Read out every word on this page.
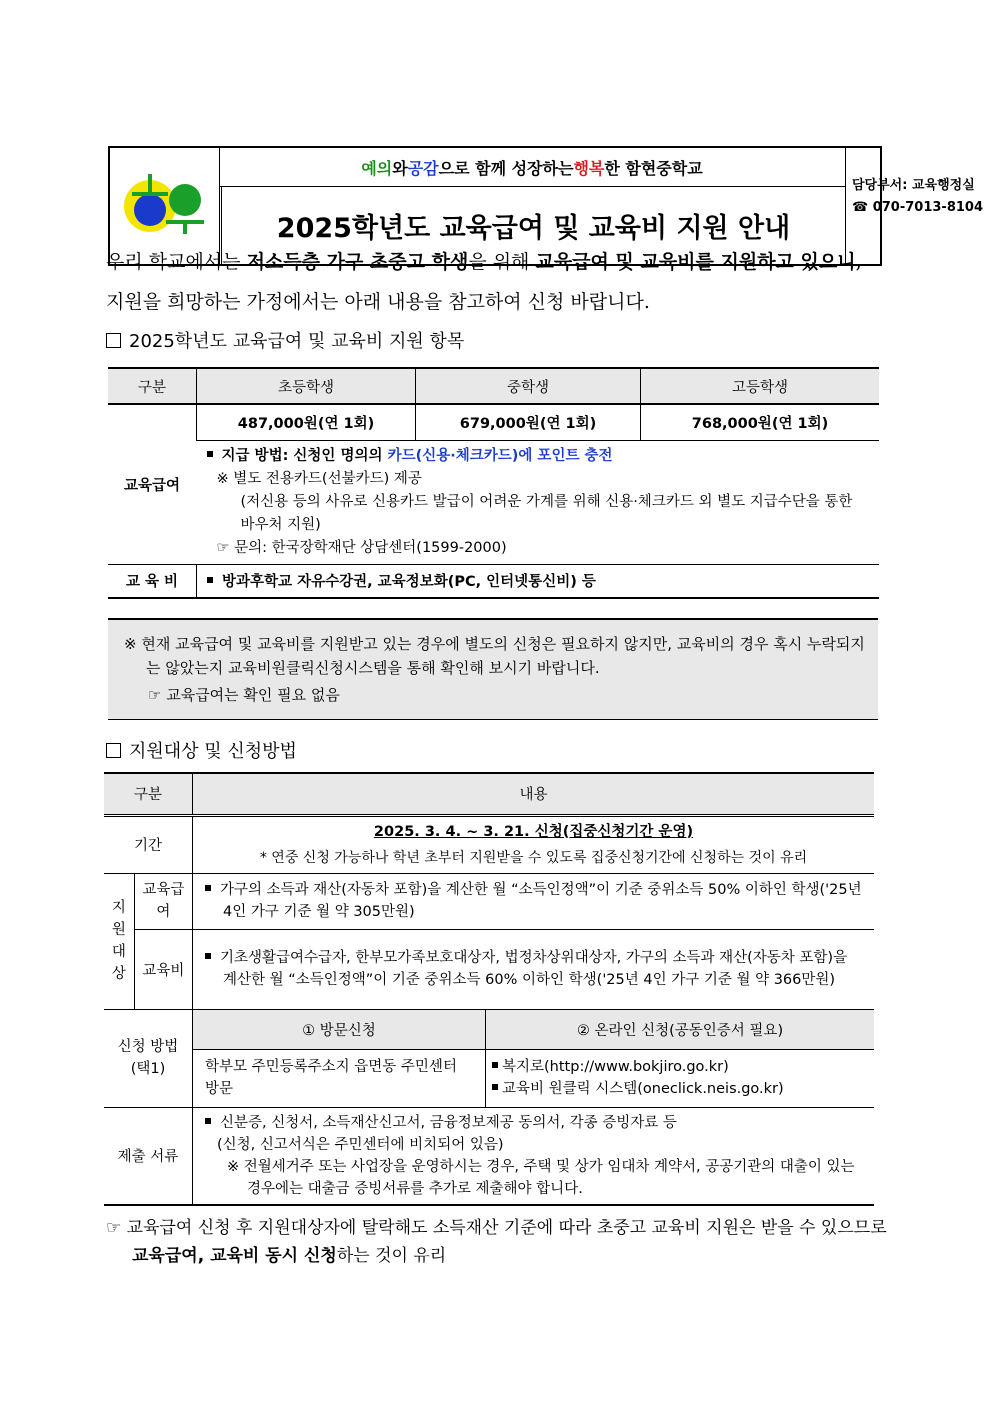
예의 와 공감 으로 함께 성장하는 행복 한 함현중학교
2025학년도 교육급여 및 교육비 지원 안내
담당부서: 교육행정실
☎ 070-7013-8104
우리 학교에서는 저소득층 가구 초중고 학생을 위해 교육급여 및 교육비를 지원하고 있으니, 지원을 희망하는 가정에서는 아래 내용을 참고하여 신청 바랍니다.
2025학년도 교육급여 및 교육비 지원 항목
구분	초등학생	중학생	고등학생
교육급여	487,000원(연 1회)	679,000원(연 1회)	768,000원(연 1회)

	지급 방법: 신청인 명의의 카드(신용·체크카드)에 포인트 충전
※ 별도 전용카드(선불카드) 제공
(저신용 등의 사유로 신용카드 발급이 어려운 가계를 위해 신용·체크카드 외 별도 지급수단을 통한 바우처 지원)
☞ 문의: 한국장학재단 상담센터(1599-2000)		

교 육 비	방과후학교 자유수강권, 교육정보화(PC, 인터넷통신비) 등		
※ 현재 교육급여 및 교육비를 지원받고 있는 경우에 별도의 신청은 필요하지 않지만, 교육비의 경우 혹시 누락되지는 않았는지 교육비원클릭신청시스템을 통해 확인해 보시기 바랍니다.
☞ 교육급여는 확인 필요 없음
지원대상 및 신청방법
구분		내용	
기간		2025. 3. 4. ~ 3. 21. 신청(집중신청기간 운영)
* 연중 신청 가능하나 학년 초부터 지원받을 수 있도록 집중신청기간에 신청하는 것이 유리	

지
원
대
상	교육급여	가구의 소득과 재산(자동차 포함)을 계산한 월 “소득인정액”이 기준 중위소득 50% 이하인 학생('25년 4인 가구 기준 월 약 305만원)	

	교육비	기초생활급여수급자, 한부모가족보호대상자, 법정차상위대상자, 가구의 소득과 재산(자동차 포함)을 계산한 월 “소득인정액”이 기준 중위소득 60% 이하인 학생('25년 4인 가구 기준 월 약 366만원)	

신청 방법
(택1)		① 방문신청	② 온라인 신청(공동인증서 필요)
		학부모 주민등록주소지 읍면동 주민센터 방문	복지로(http://www.bokjiro.go.kr)
교육비 원클릭 시스템(oneclick.neis.go.kr)

제출 서류		신분증, 신청서, 소득재산신고서, 금융정보제공 동의서, 각종 증빙자료 등
(신청, 신고서식은 주민센터에 비치되어 있음)
※ 전월세거주 또는 사업장을 운영하시는 경우, 주택 및 상가 임대차 계약서, 공공기관의 대출이 있는 경우에는 대출금 증빙서류를 추가로 제출해야 합니다.	
☞ 교육급여 신청 후 지원대상자에 탈락해도 소득재산 기준에 따라 초중고 교육비 지원은 받을 수 있으므로 교육급여, 교육비 동시 신청하는 것이 유리
